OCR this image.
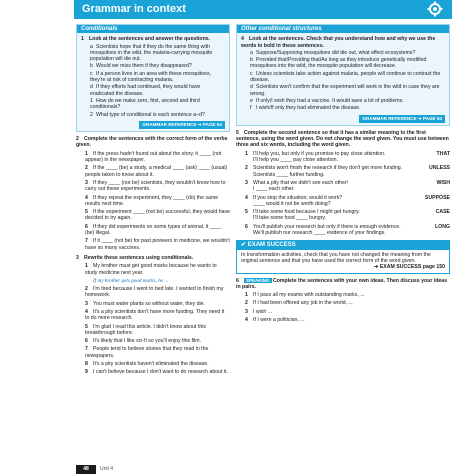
Grammar in context
Conditionals
1 Look at the sentences and answer the questions.
a Scientists hope that if they do the same thing with mosquitoes in the wild, the malaria-carrying mosquito population will die out.
b Would we miss them if they disappeared?
c If a person lives in an area with these mosquitoes, they're at risk of contracting malaria.
d If they efforts had continued, they would have eradicated the disease.
1 How do we make zero, first, second and third conditionals?
2 What type of conditional is each sentence a–d?
GRAMMAR REFERENCE ➜ PAGE 54
2 Complete the sentences with the correct form of the verbs given.
1 If the press hadn't found out about the story, it ____ (not appear) in the newspaper.
2 If the ____ (be) a study, a medical ____ (ask) ____ (usual) people taken to know about it.
3 If they ____ (not be) scientists, they wouldn't know how to carry out these experiments.
4 If they repeat the experiment, they ____ (do) the same results next time.
5 If the experiment ____ (not be) successful, they would have decided to try again.
6 If they did experiments on some types of animal, it ____ (be) illegal.
7 If it ____ (not be) for past pioneers in medicine, we wouldn't have so many vaccines.
3 Rewrite these sentences using conditionals.
1 My brother must get good marks because he wants to study medicine next year.
If my brother gets good marks, he ...
2 I'm tired because I went to bed late. I wanted to finish my homework.
3 You must water plants so without water, they die.
4 It's a pity scientists don't have more funding. They need it to do more research.
5 I'm glad I read this article. I didn't know about this breakthrough before.
6 It's likely that I like sci-fi so you'll enjoy this film.
7 People tend to believe stories that they read in the newspapers.
8 It's a pity scientists haven't eliminated the disease.
9 I can't believe because I don't want to do research about it.
Other conditional structures
4 Look at the sentences. Check that you understand how and why we use the words in bold in these sentences.
a Suppose/Supposing mosquitoes did die out, what effect ecosystems?
b Provided that/Providing that/As long as they introduce genetically modified mosquitoes into the wild, the mosquito population will decrease.
c Unless scientists take action against malaria, people will continue to contract the disease.
d Scientists won't confirm that the experiment will work in the wild in case they are wrong.
e If only/I wish they had a vaccine. It would save a lot of problems.
f I wish/If only they had eliminated the disease.
GRAMMAR REFERENCE ➜ PAGE 54
5 Complete the second sentence so that it has a similar meaning to the first sentence, using the word given. Do not change the word given. You must use between three and six words, including the word given.
1 I'll help you, but only if you promise to pay close attention.	THAT

I'll help you ____ pay close attention.
2 Scientists won't finish the research if they don't get more funding.	UNLESS

Scientists ____ further funding.
3 What a pity that we didn't see each other!	WISH

I ____ each other.
4 If you stop the situation, would it work?	SUPPOSE

____ would it not be worth doing?
5 I'll take some food because I might get hungry.	CASE

I'll take some food ____ hungry.
6 You'll publish your research but only if there is enough evidence.	LONG

We'll publish our research ____ evidence of your findings.
✔ EXAM SUCCESS
In transformation activities, check that you have not changed the meaning from the original sentence and that you have used the correct form of the word given.
➜ EXAM SUCCESS page 150
6 SPEAKING Complete the sentences with your own ideas. Then discuss your ideas in pairs.
1 If I pass all my exams with outstanding marks, ...
2 If I had been offered any job in the world, ...
3 I wish ...
4 If I were a politician, ...
48	Unit 4
